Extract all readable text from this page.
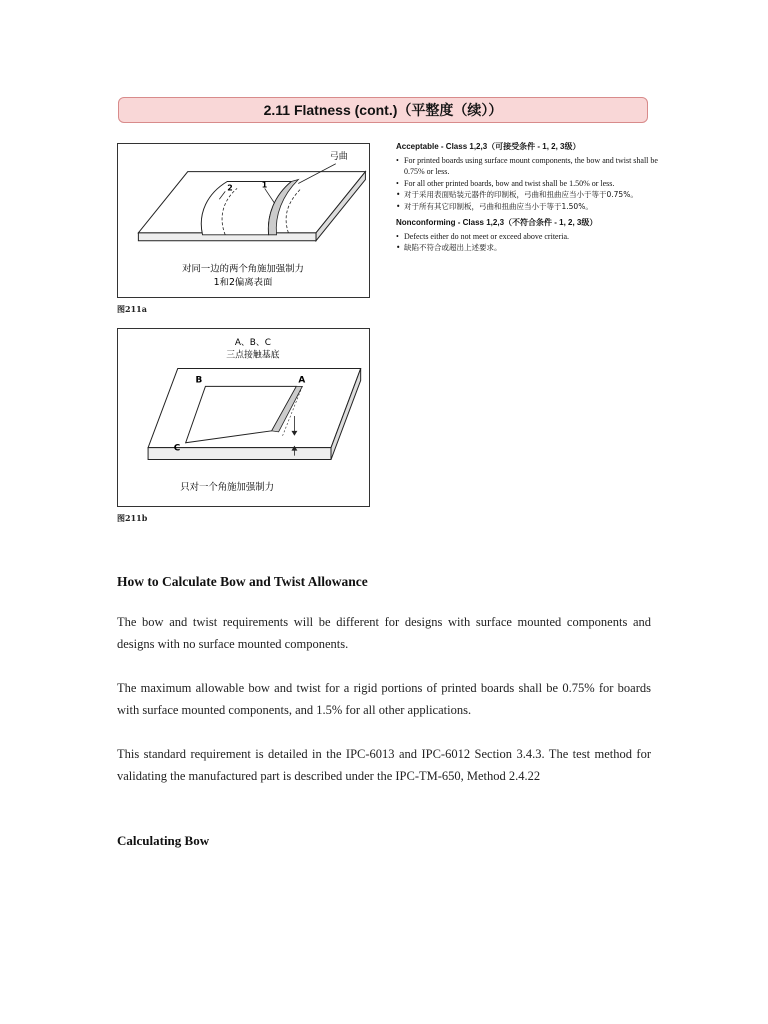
2.11 Flatness (cont.)（平整度（续））
弓曲
2	1
对同一边的两个角施加强制力
1和2偏离表面
图211a
A、B、C
三点接触基底
B	A
C
只对一个角施加强制力
图211b
Acceptable - Class 1,2,3（可接受条件 - 1, 2, 3级）
• For printed boards using surface mount components, the bow and twist shall be 0.75% or less.
• For all other printed boards, bow and twist shall be 1.50% or less.
• 对于采用表面贴装元器件的印制板，弓曲和扭曲应当小于等于0.75%。
• 对于所有其它印制板，弓曲和扭曲应当小于等于1.50%。
Nonconforming - Class 1,2,3（不符合条件 - 1, 2, 3级）
• Defects either do not meet or exceed above criteria.
• 缺陷不符合或超出上述要求。
How to Calculate Bow and Twist Allowance

The bow and twist requirements will be different for designs with surface mounted components and designs with no surface mounted components.

The maximum allowable bow and twist for a rigid portions of printed boards shall be 0.75% for boards with surface mounted components, and 1.5% for all other applications.

This standard requirement is detailed in the IPC-6013 and IPC-6012 Section 3.4.3. The test method for validating the manufactured part is described under the IPC-TM-650, Method 2.4.22

Calculating Bow
